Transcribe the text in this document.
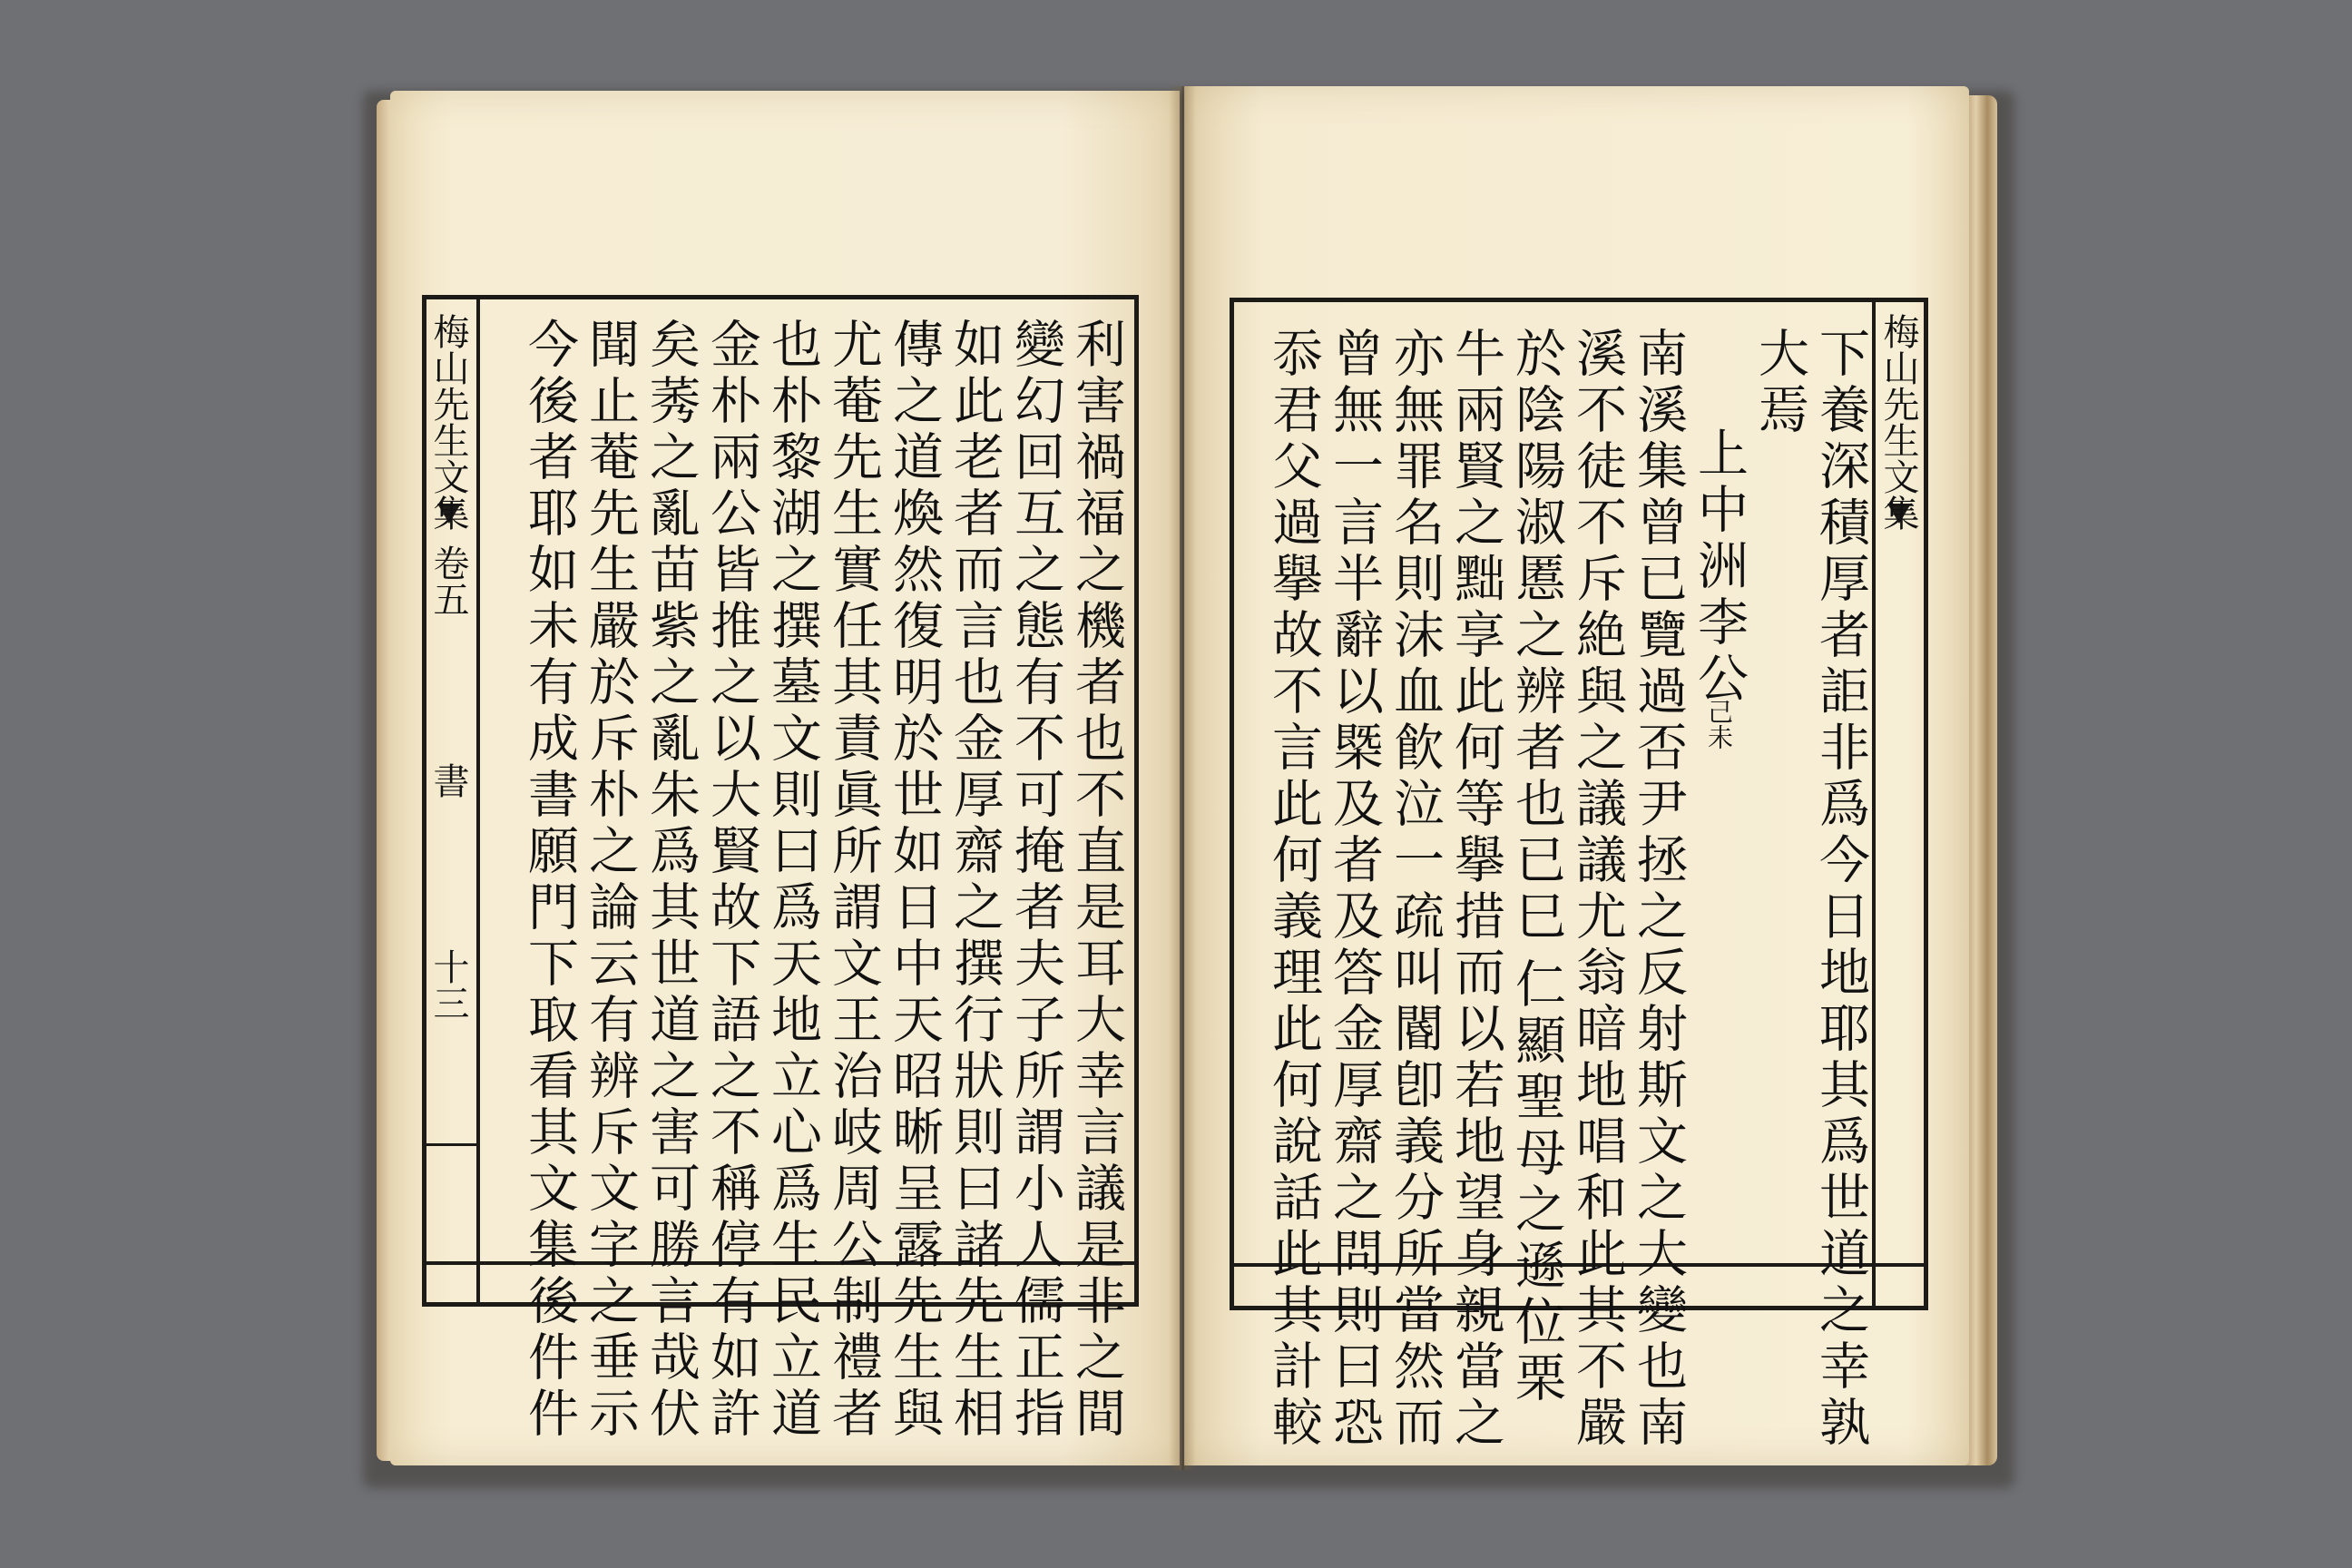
梅山先生文集
卷五
書
十三	利害禍福之機者也不直是耳大幸言議是非之間
變幻回互之態有不可掩者夫子所謂小人儒正指
如此老者而言也金厚齋之撰行狀則曰諸先生相
傳之道煥然復明於世如日中天昭晰呈露先生與
尤菴先生實任其責眞所謂文王治岐周公制禮者
也朴黎湖之撰墓文則曰爲天地立心爲生民立道
金朴兩公皆推之以大賢故下語之不稱停有如許
矣莠之亂苗紫之亂朱爲其世道之害可勝言哉伏
聞止菴先生嚴於斥朴之論云有辨斥文字之垂示
今後者耶如未有成書願門下取看其文集後件件	梅山先生文集
下養深積厚者詎非爲今日地耶其爲世道之幸孰
大焉
上中洲李公
己未
南溪集曾已覽過否尹拯之反射斯文之大變也南
溪不徒不斥絶與之議議尤翁暗地唱和此其不嚴
於陰陽淑慝之辨者也已巳
仁顯聖母之遜位栗
牛兩賢之黜享此何等擧措而以若地望身親當之
亦無罪名則沫血飮泣一疏叫閽卽義分所當然而
曾無一言半辭以槩及者及答金厚齋之問則曰恐
忝君父過擧故不言此何義理此何說話此其計較
